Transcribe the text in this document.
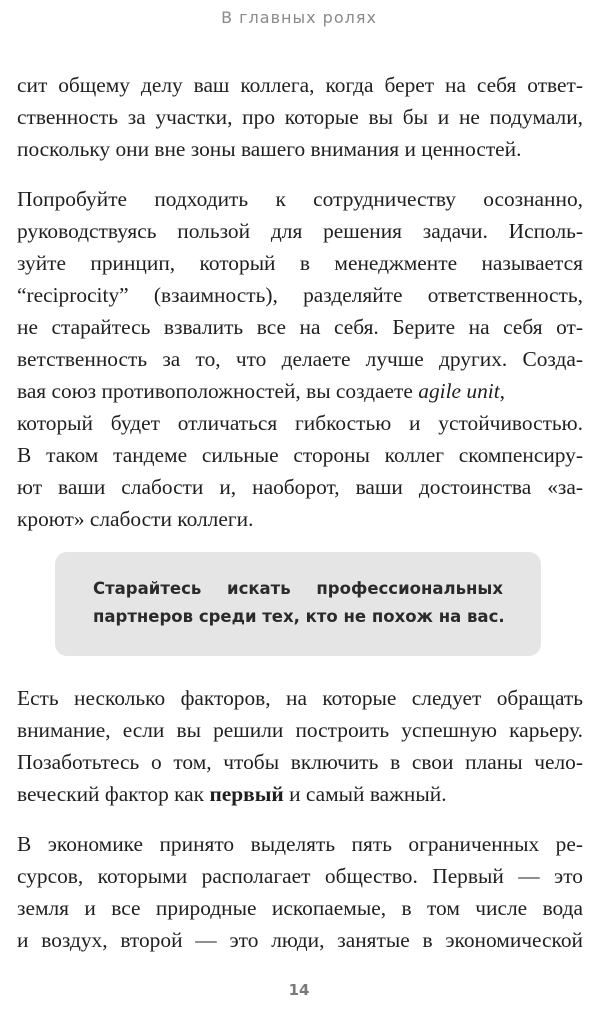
В главных ролях
сит общему делу ваш коллега, когда берет на себя ответ-
ственность за участки, про которые вы бы и не подумали,
поскольку они вне зоны вашего внимания и ценностей.
Попробуйте подходить к сотрудничеству осознанно,
руководствуясь пользой для решения задачи. Исполь-
зуйте принцип, который в менеджменте называется
“reciprocity” (взаимность), разделяйте ответственность,
не старайтесь взвалить все на себя. Берите на себя от-
ветственность за то, что делаете лучше других. Созда-
вая союз противоположностей, вы создаете agile unit,
который будет отличаться гибкостью и устойчивостью.
В таком тандеме сильные стороны коллег скомпенсиру-
ют ваши слабости и, наоборот, ваши достоинства «за-
кроют» слабости коллеги.
Старайтесь искать профессиональных
партнеров среди тех, кто не похож на вас.
Есть несколько факторов, на которые следует обращать
внимание, если вы решили построить успешную карьеру.
Позаботьтесь о том, чтобы включить в свои планы чело-
веческий фактор как первый и самый важный.
В экономике принято выделять пять ограниченных ре-
сурсов, которыми располагает общество. Первый — это
земля и все природные ископаемые, в том числе вода
и воздух, второй — это люди, занятые в экономической
14
